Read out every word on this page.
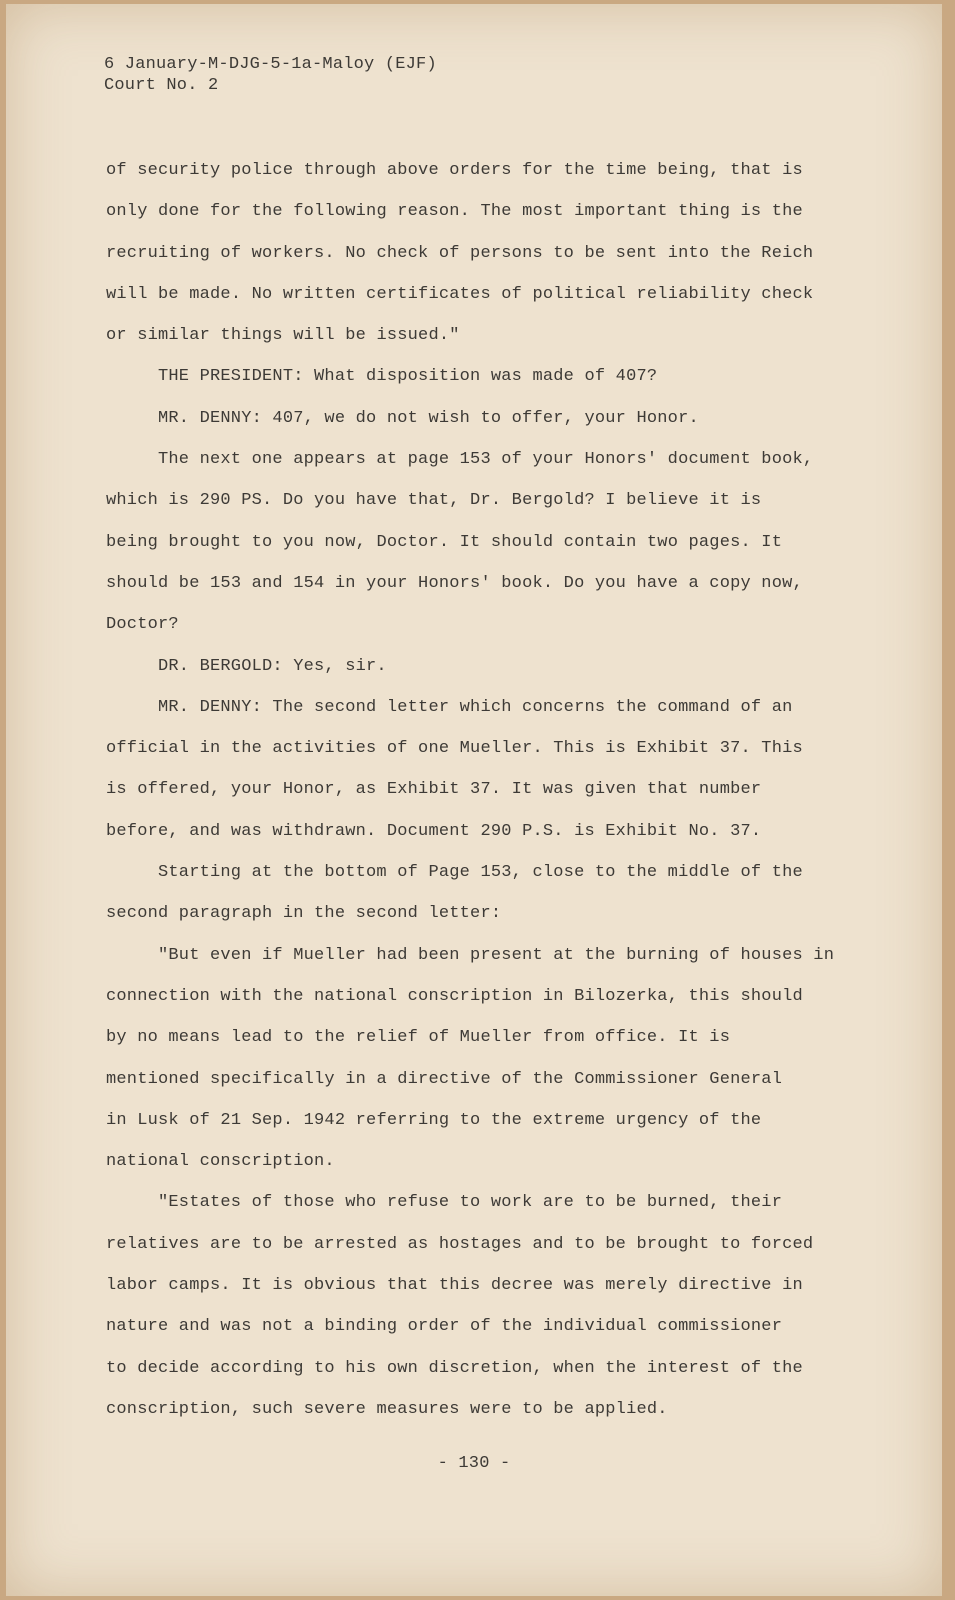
6 January-M-DJG-5-1a-Maloy (EJF)
Court No. 2
of security police through above orders for the time being, that is
only done for the following reason. The most important thing is the
recruiting of workers. No check of persons to be sent into the Reich
will be made. No written certificates of political reliability check
or similar things will be issued."
THE PRESIDENT: What disposition was made of 407?
MR. DENNY: 407, we do not wish to offer, your Honor.
The next one appears at page 153 of your Honors' document book,
which is 290 PS. Do you have that, Dr. Bergold? I believe it is
being brought to you now, Doctor. It should contain two pages. It
should be 153 and 154 in your Honors' book. Do you have a copy now,
Doctor?
DR. BERGOLD: Yes, sir.
MR. DENNY: The second letter which concerns the command of an
official in the activities of one Mueller. This is Exhibit 37. This
is offered, your Honor, as Exhibit 37. It was given that number
before, and was withdrawn. Document 290 P.S. is Exhibit No. 37.
Starting at the bottom of Page 153, close to the middle of the
second paragraph in the second letter:
"But even if Mueller had been present at the burning of houses in
connection with the national conscription in Bilozerka, this should
by no means lead to the relief of Mueller from office. It is
mentioned specifically in a directive of the Commissioner General
in Lusk of 21 Sep. 1942 referring to the extreme urgency of the
national conscription.
"Estates of those who refuse to work are to be burned, their
relatives are to be arrested as hostages and to be brought to forced
labor camps. It is obvious that this decree was merely directive in
nature and was not a binding order of the individual commissioner
to decide according to his own discretion, when the interest of the
conscription, such severe measures were to be applied.
- 130 -
